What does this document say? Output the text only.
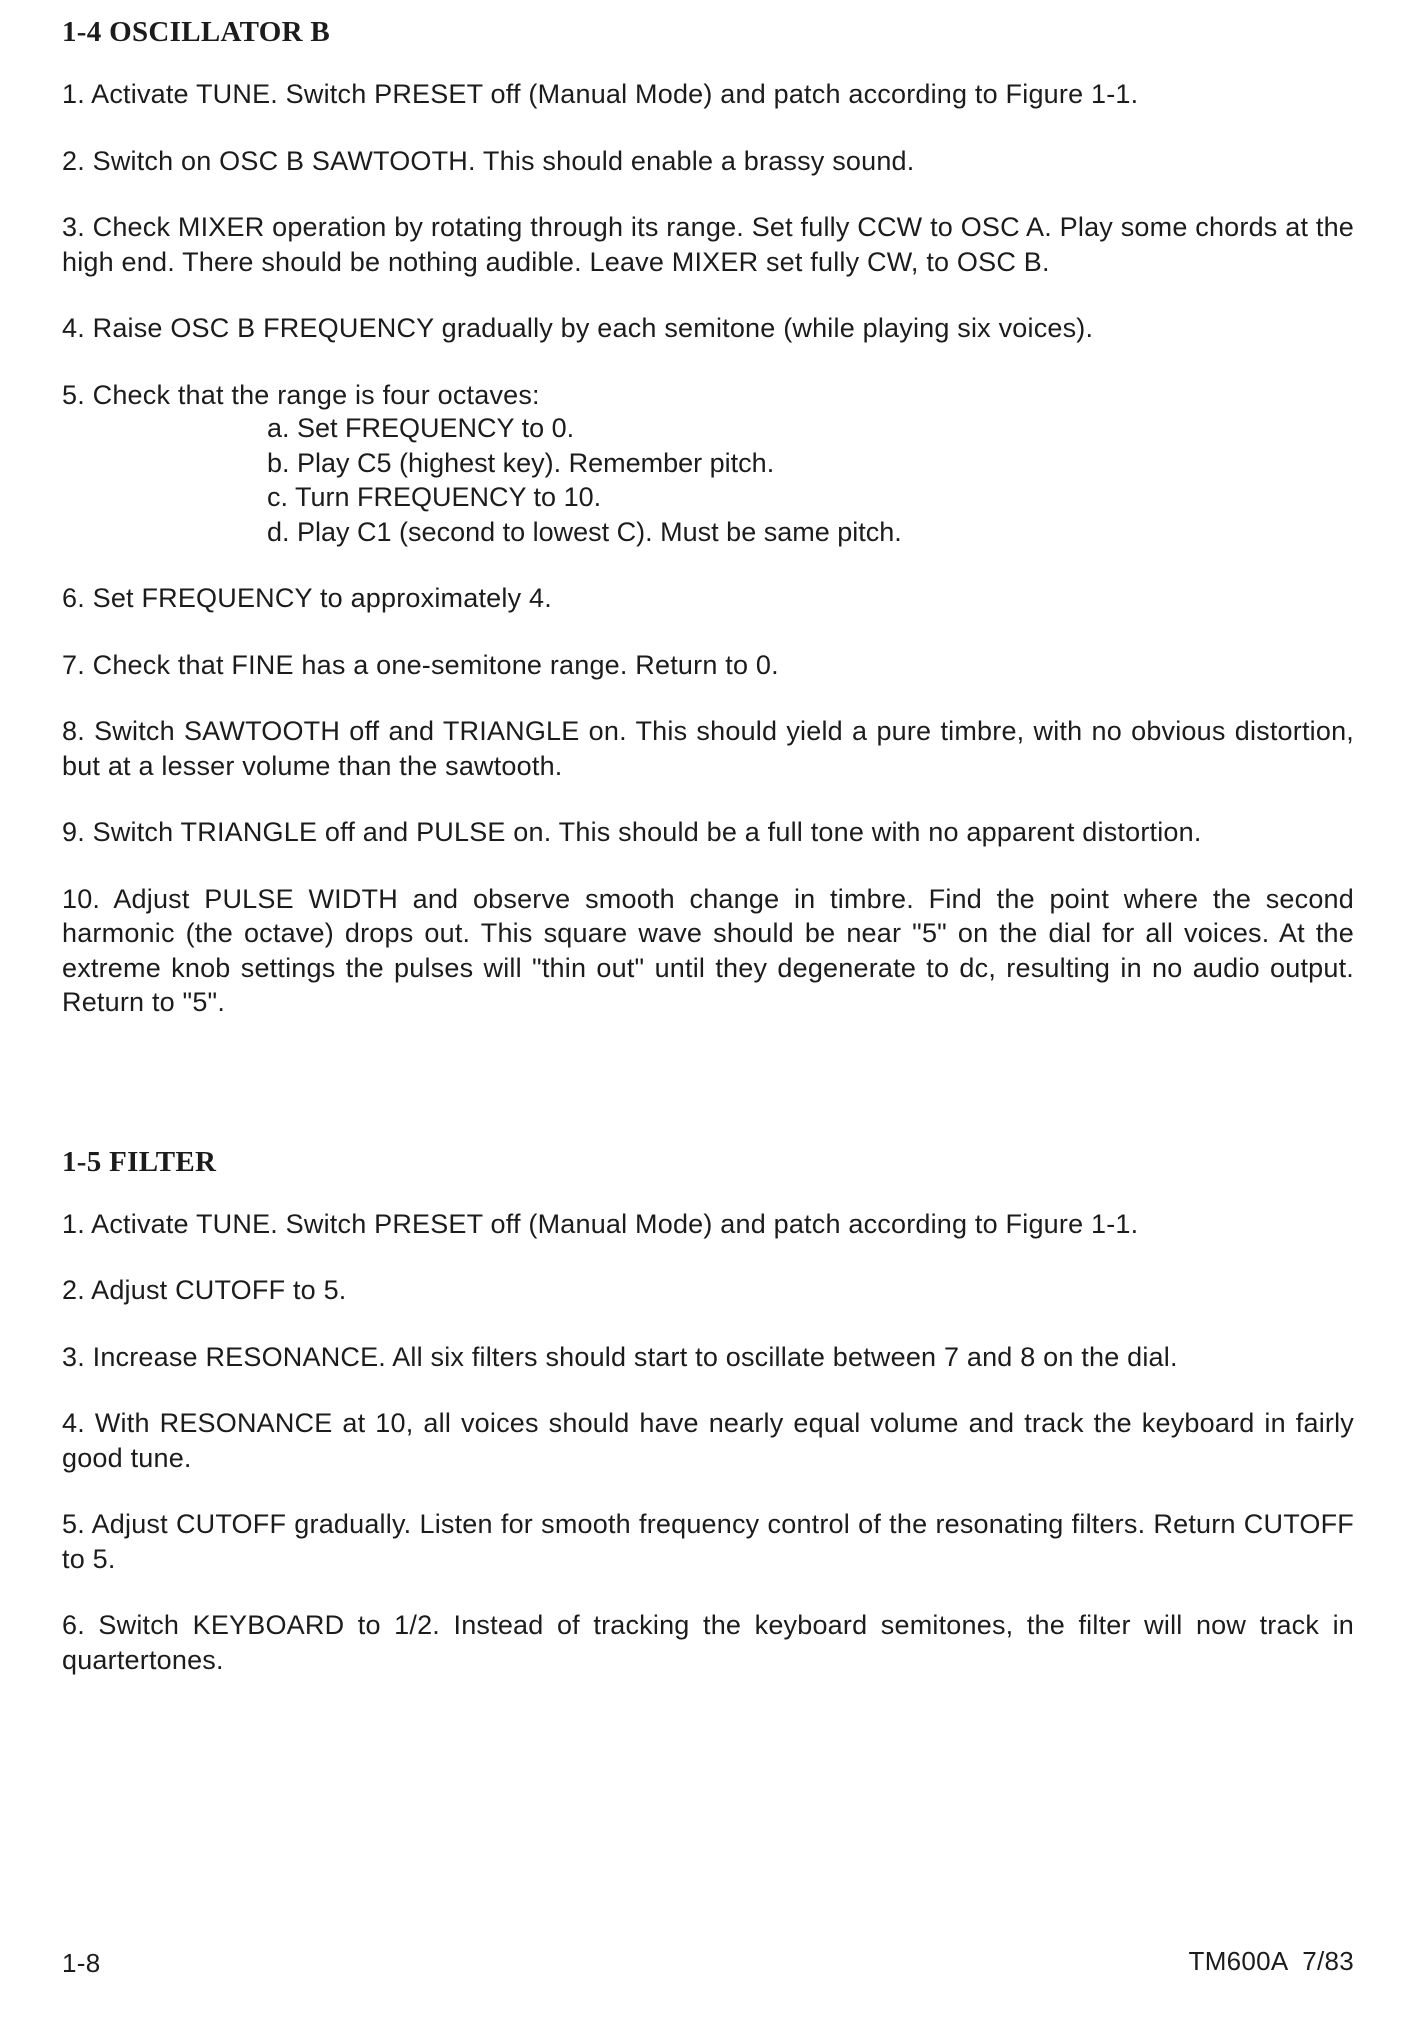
1-4 OSCILLATOR B
1. Activate TUNE. Switch PRESET off (Manual Mode) and patch according to Figure 1-1.
2. Switch on OSC B SAWTOOTH. This should enable a brassy sound.
3. Check MIXER operation by rotating through its range. Set fully CCW to OSC A. Play some chords at the high end. There should be nothing audible. Leave MIXER set fully CW, to OSC B.
4. Raise OSC B FREQUENCY gradually by each semitone (while playing six voices).
5. Check that the range is four octaves:
a. Set FREQUENCY to 0.
b. Play C5 (highest key). Remember pitch.
c. Turn FREQUENCY to 10.
d. Play C1 (second to lowest C). Must be same pitch.
6. Set FREQUENCY to approximately 4.
7. Check that FINE has a one-semitone range. Return to 0.
8. Switch SAWTOOTH off and TRIANGLE on. This should yield a pure timbre, with no obvious distortion, but at a lesser volume than the sawtooth.
9. Switch TRIANGLE off and PULSE on. This should be a full tone with no apparent distortion.
10. Adjust PULSE WIDTH and observe smooth change in timbre. Find the point where the second harmonic (the octave) drops out. This square wave should be near "5" on the dial for all voices. At the extreme knob settings the pulses will "thin out" until they degenerate to dc, resulting in no audio output. Return to "5".
1-5 FILTER
1. Activate TUNE. Switch PRESET off (Manual Mode) and patch according to Figure 1-1.
2. Adjust CUTOFF to 5.
3. Increase RESONANCE. All six filters should start to oscillate between 7 and 8 on the dial.
4. With RESONANCE at 10, all voices should have nearly equal volume and track the keyboard in fairly good tune.
5. Adjust CUTOFF gradually. Listen for smooth frequency control of the resonating filters. Return CUTOFF to 5.
6. Switch KEYBOARD to 1/2. Instead of tracking the keyboard semitones, the filter will now track in quartertones.
1-8	TM600A  7/83
